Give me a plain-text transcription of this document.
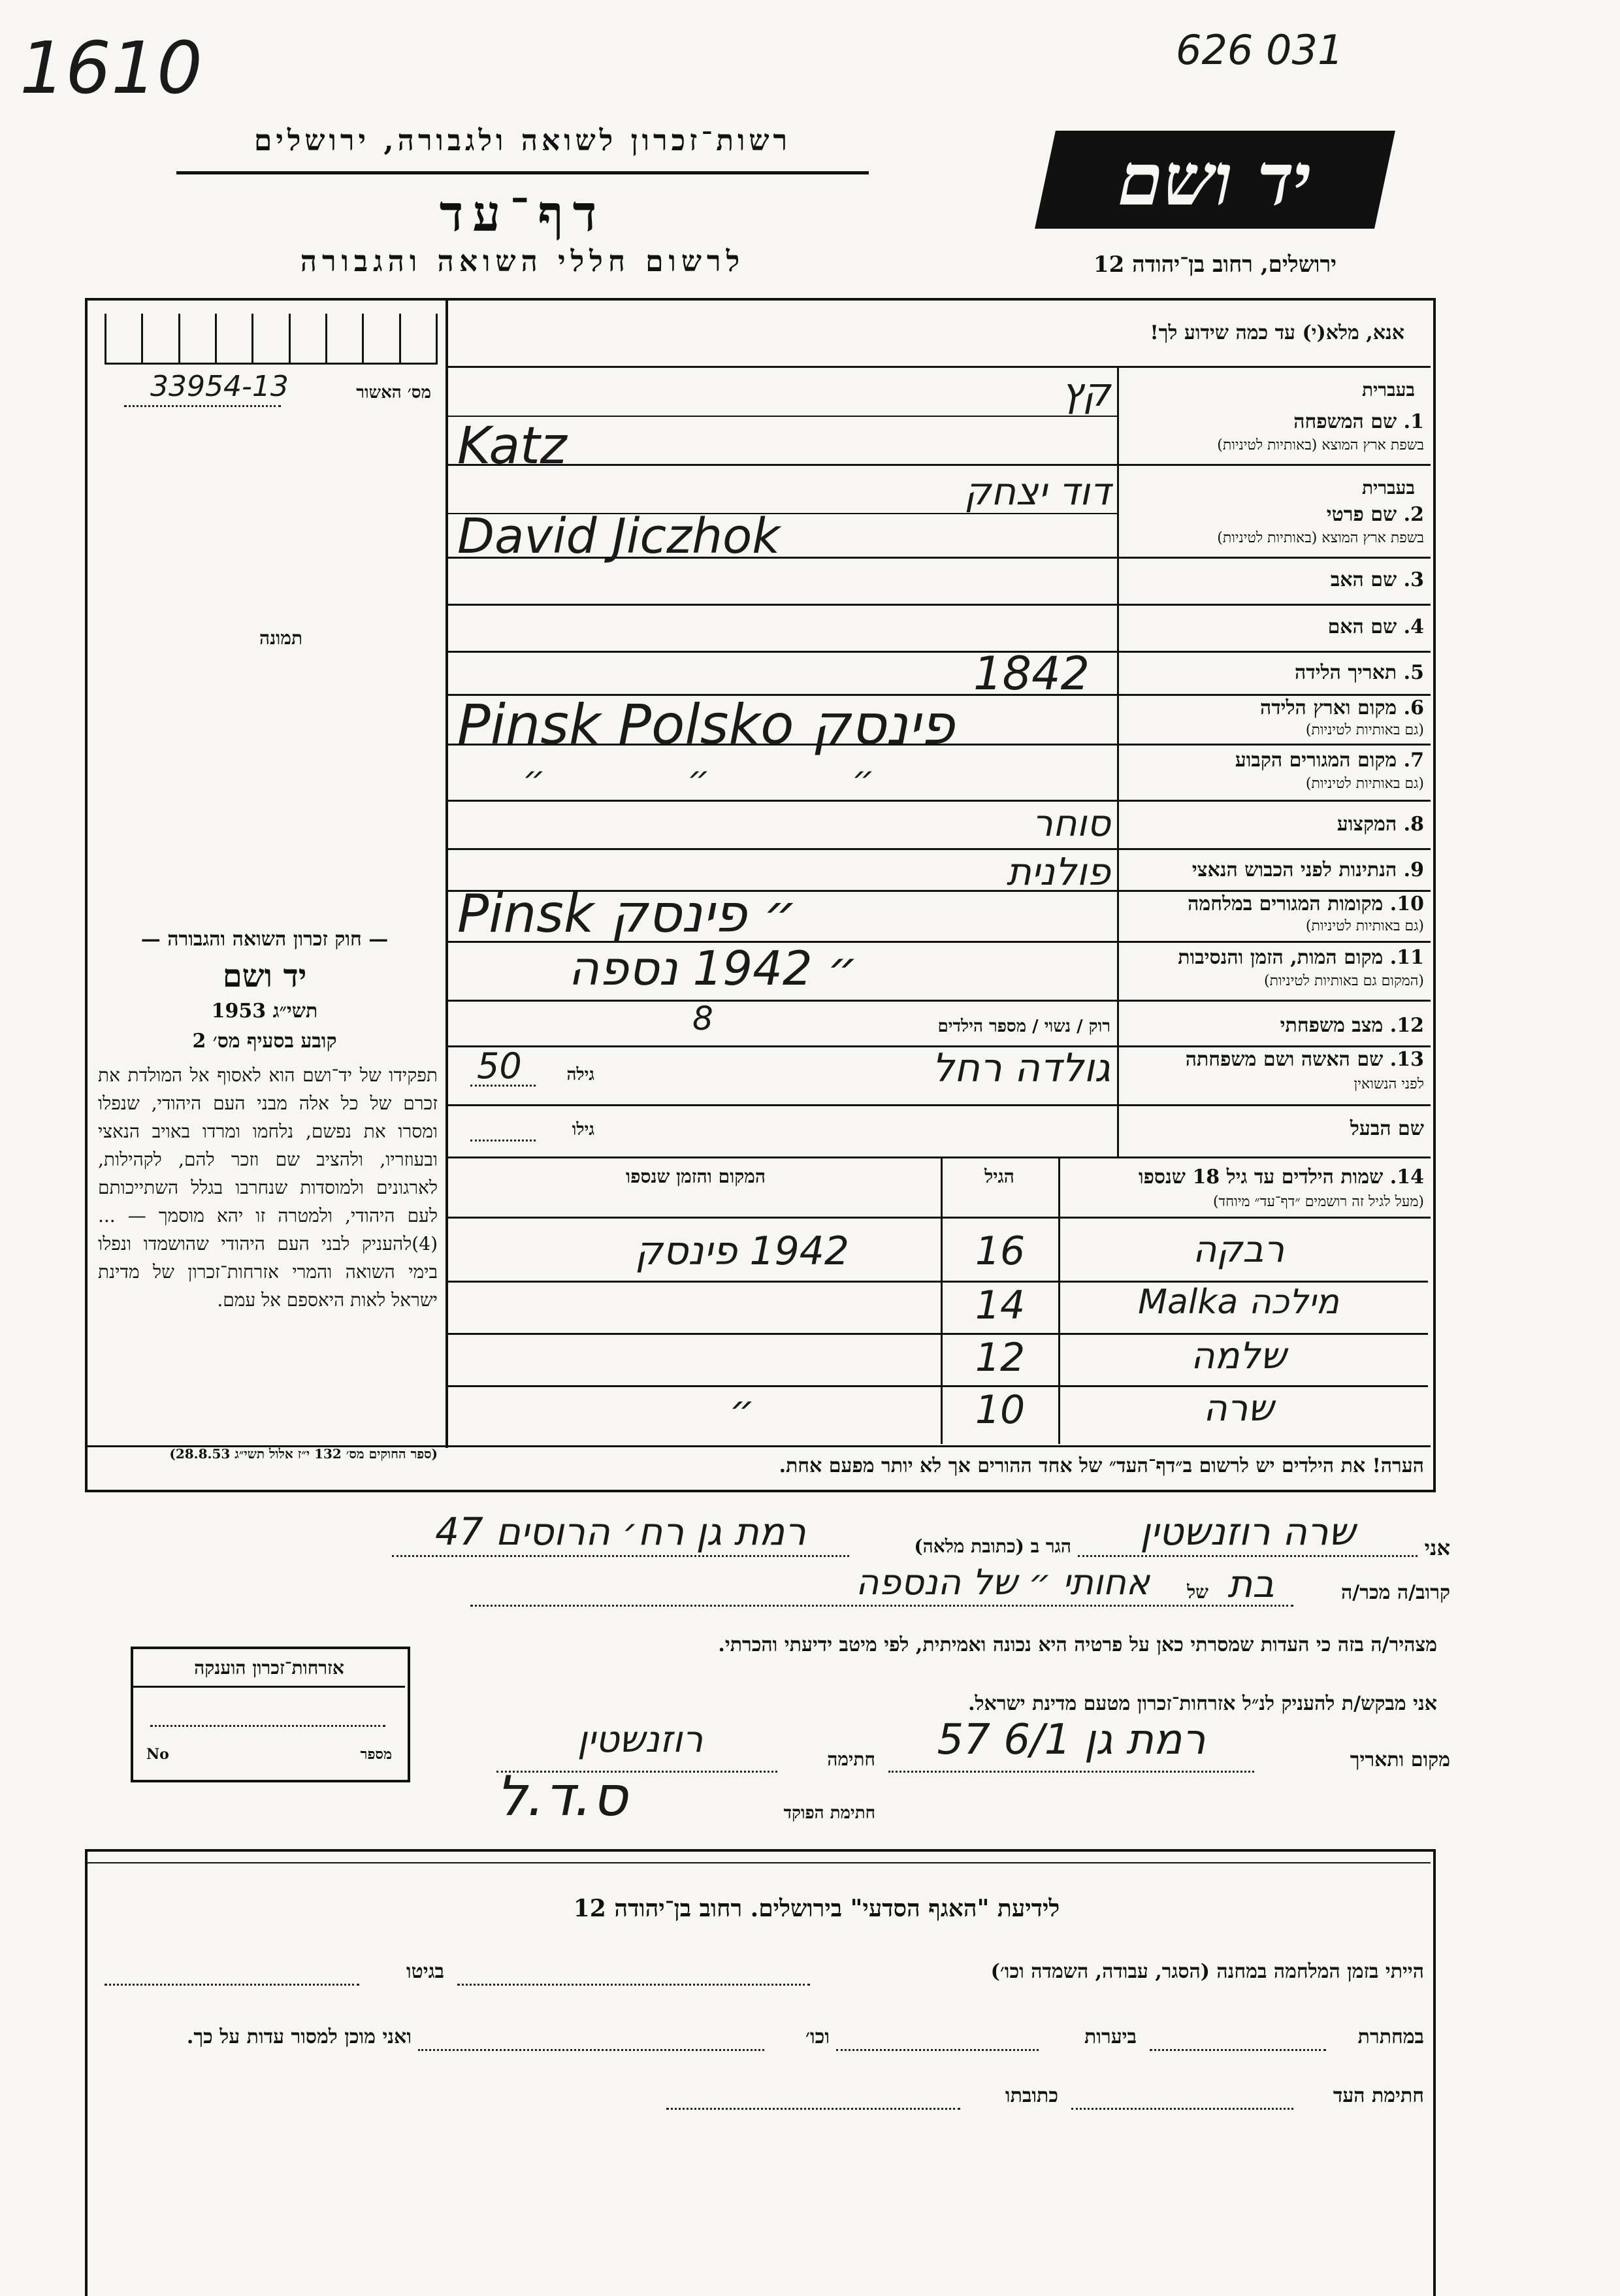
1610	626 031
רשות־זכרון לשואה ולגבורה, ירושלים
דף־עד
לרשום חללי השואה והגבורה
יד ושם
ירושלים, רחוב בן־יהודה 12
מס׳ האשור
33954-13
תמונה
אנא, מלא(י) עד כמה שידוע לך!
בעברית
1. שם המשפחה
בשפת ארץ המוצא (באותיות לטיניות)
קץ
Katz
בעברית
2. שם פרטי
בשפת ארץ המוצא (באותיות לטיניות)
דוד יצחק
David Jiczhok
3. שם האב
4. שם האם
5. תאריך הלידה
1842
6. מקום וארץ הלידה
(גם באותיות לטיניות)
Pinsk Polsko פינסק
7. מקום המגורים הקבוע
(גם באותיות לטיניות)
״ ״ ״
8. המקצוע
סוחר
9. הנתינות לפני הכבוש הנאצי
פולנית
10. מקומות המגורים במלחמה
(גם באותיות לטיניות)
Pinsk ״ פינסק
11. מקום המות, הזמן והנסיבות
(המקום גם באותיות לטיניות)
״ 1942 נספה
12. מצב משפחתי
רוק / נשוי / מספר הילדים
8
13. שם האשה ושם משפחתה
לפני הנשואין
גולדה רחל
גילה
50
שם הבעל
גילו
14. שמות הילדים עד גיל 18 שנספו
(מעל לגיל זה רושמים ״דף־עד״ מיוחד)
הגיל
המקום והזמן שנספו
רבקה
16
1942 פינסק
מילכה Malka
14
שלמה
12
שרה
10
״
הערה! את הילדים יש לרשום ב״דף־העד״ של אחד ההורים אך לא יותר מפעם אחת.
— חוק זכרון השואה והגבורה —
יד ושם
תשי״ג 1953
קובע בסעיף מס׳ 2
תפקידו של יד־ושם הוא לאסוף אל המולדת את זכרם של כל אלה מבני העם היהודי, שנפלו ומסרו את נפשם, נלחמו ומרדו באויב הנאצי ובעוזריו, ולהציב שם וזכר להם, לקהילות, לארגונים ולמוסדות שנחרבו בגלל השתייכותם לעם היהודי, ולמטרה זו יהא מוסמך — ...(4)להעניק לבני העם היהודי שהושמדו ונפלו בימי השואה והמרי אזרחות־זכרון של מדינת ישראל לאות היאספם אל עמם.
(ספר החוקים מס׳ 132 י״ז אלול תשי״ג 28.8.53)
אני
שרה רוזנשטין
הגר ב (כתובת מלאה)
רמת גן רח׳ הרוסים 47
קרוב/ה מכר/ה
בת
של
אחותי ״ של הנספה
מצהיר/ה בזה כי העדות שמסרתי כאן על פרטיה היא נכונה ואמיתית, לפי מיטב ידיעתי והכרתי.
אני מבקש/ת להעניק לנ״ל אזרחות־זכרון מטעם מדינת ישראל.
מקום ותאריך
רמת גן 6/1 57
חתימה
רוזנשטין
חתימת הפוקד
ס.ד.ל
אזרחות־זכרון הוענקה
No	מספר
לידיעת "האגף הסדעי" בירושלים. רחוב בן־יהודה 12
הייתי בזמן המלחמה במחנה (הסגר, עבודה, השמדה וכו׳)
בגיטו
במחתרת
ביערות
וכו׳
ואני מוכן למסור עדות על כך.
חתימת העד
כתובתו
